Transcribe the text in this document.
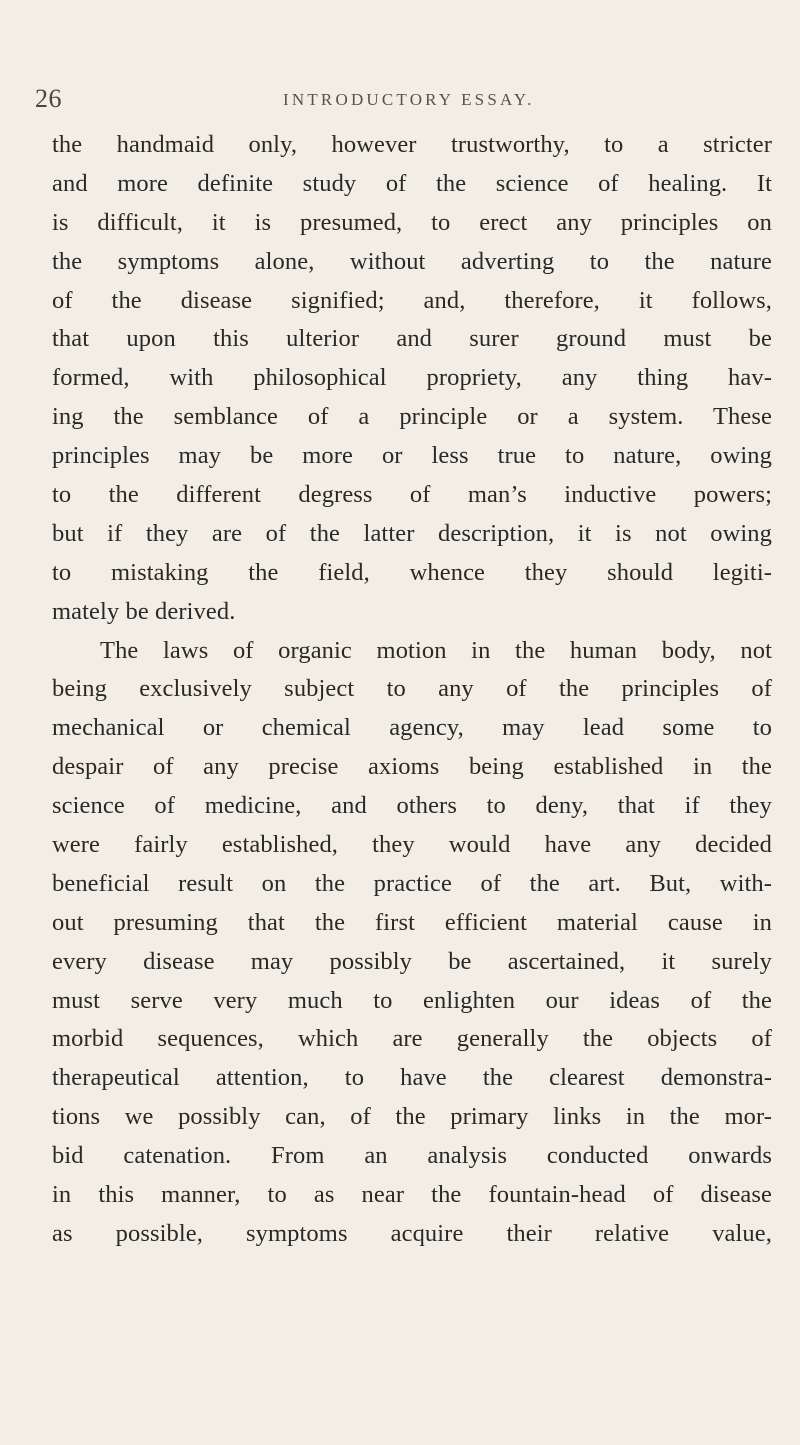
26	INTRODUCTORY ESSAY.
the handmaid only, however trustworthy, to a stricter
and more definite study of the science of healing. It
is difficult, it is presumed, to erect any principles on
the symptoms alone, without adverting to the nature
of the disease signified; and, therefore, it follows,
that upon this ulterior and surer ground must be
formed, with philosophical propriety, any thing hav-
ing the semblance of a principle or a system. These
principles may be more or less true to nature, owing
to the different degress of man’s inductive powers;
but if they are of the latter description, it is not owing
to mistaking the field, whence they should legiti-
mately be derived.
The laws of organic motion in the human body, not
being exclusively subject to any of the principles of
mechanical or chemical agency, may lead some to
despair of any precise axioms being established in the
science of medicine, and others to deny, that if they
were fairly established, they would have any decided
beneficial result on the practice of the art. But, with-
out presuming that the first efficient material cause in
every disease may possibly be ascertained, it surely
must serve very much to enlighten our ideas of the
morbid sequences, which are generally the objects of
therapeutical attention, to have the clearest demonstra-
tions we possibly can, of the primary links in the mor-
bid catenation. From an analysis conducted onwards
in this manner, to as near the fountain-head of disease
as possible, symptoms acquire their relative value,
